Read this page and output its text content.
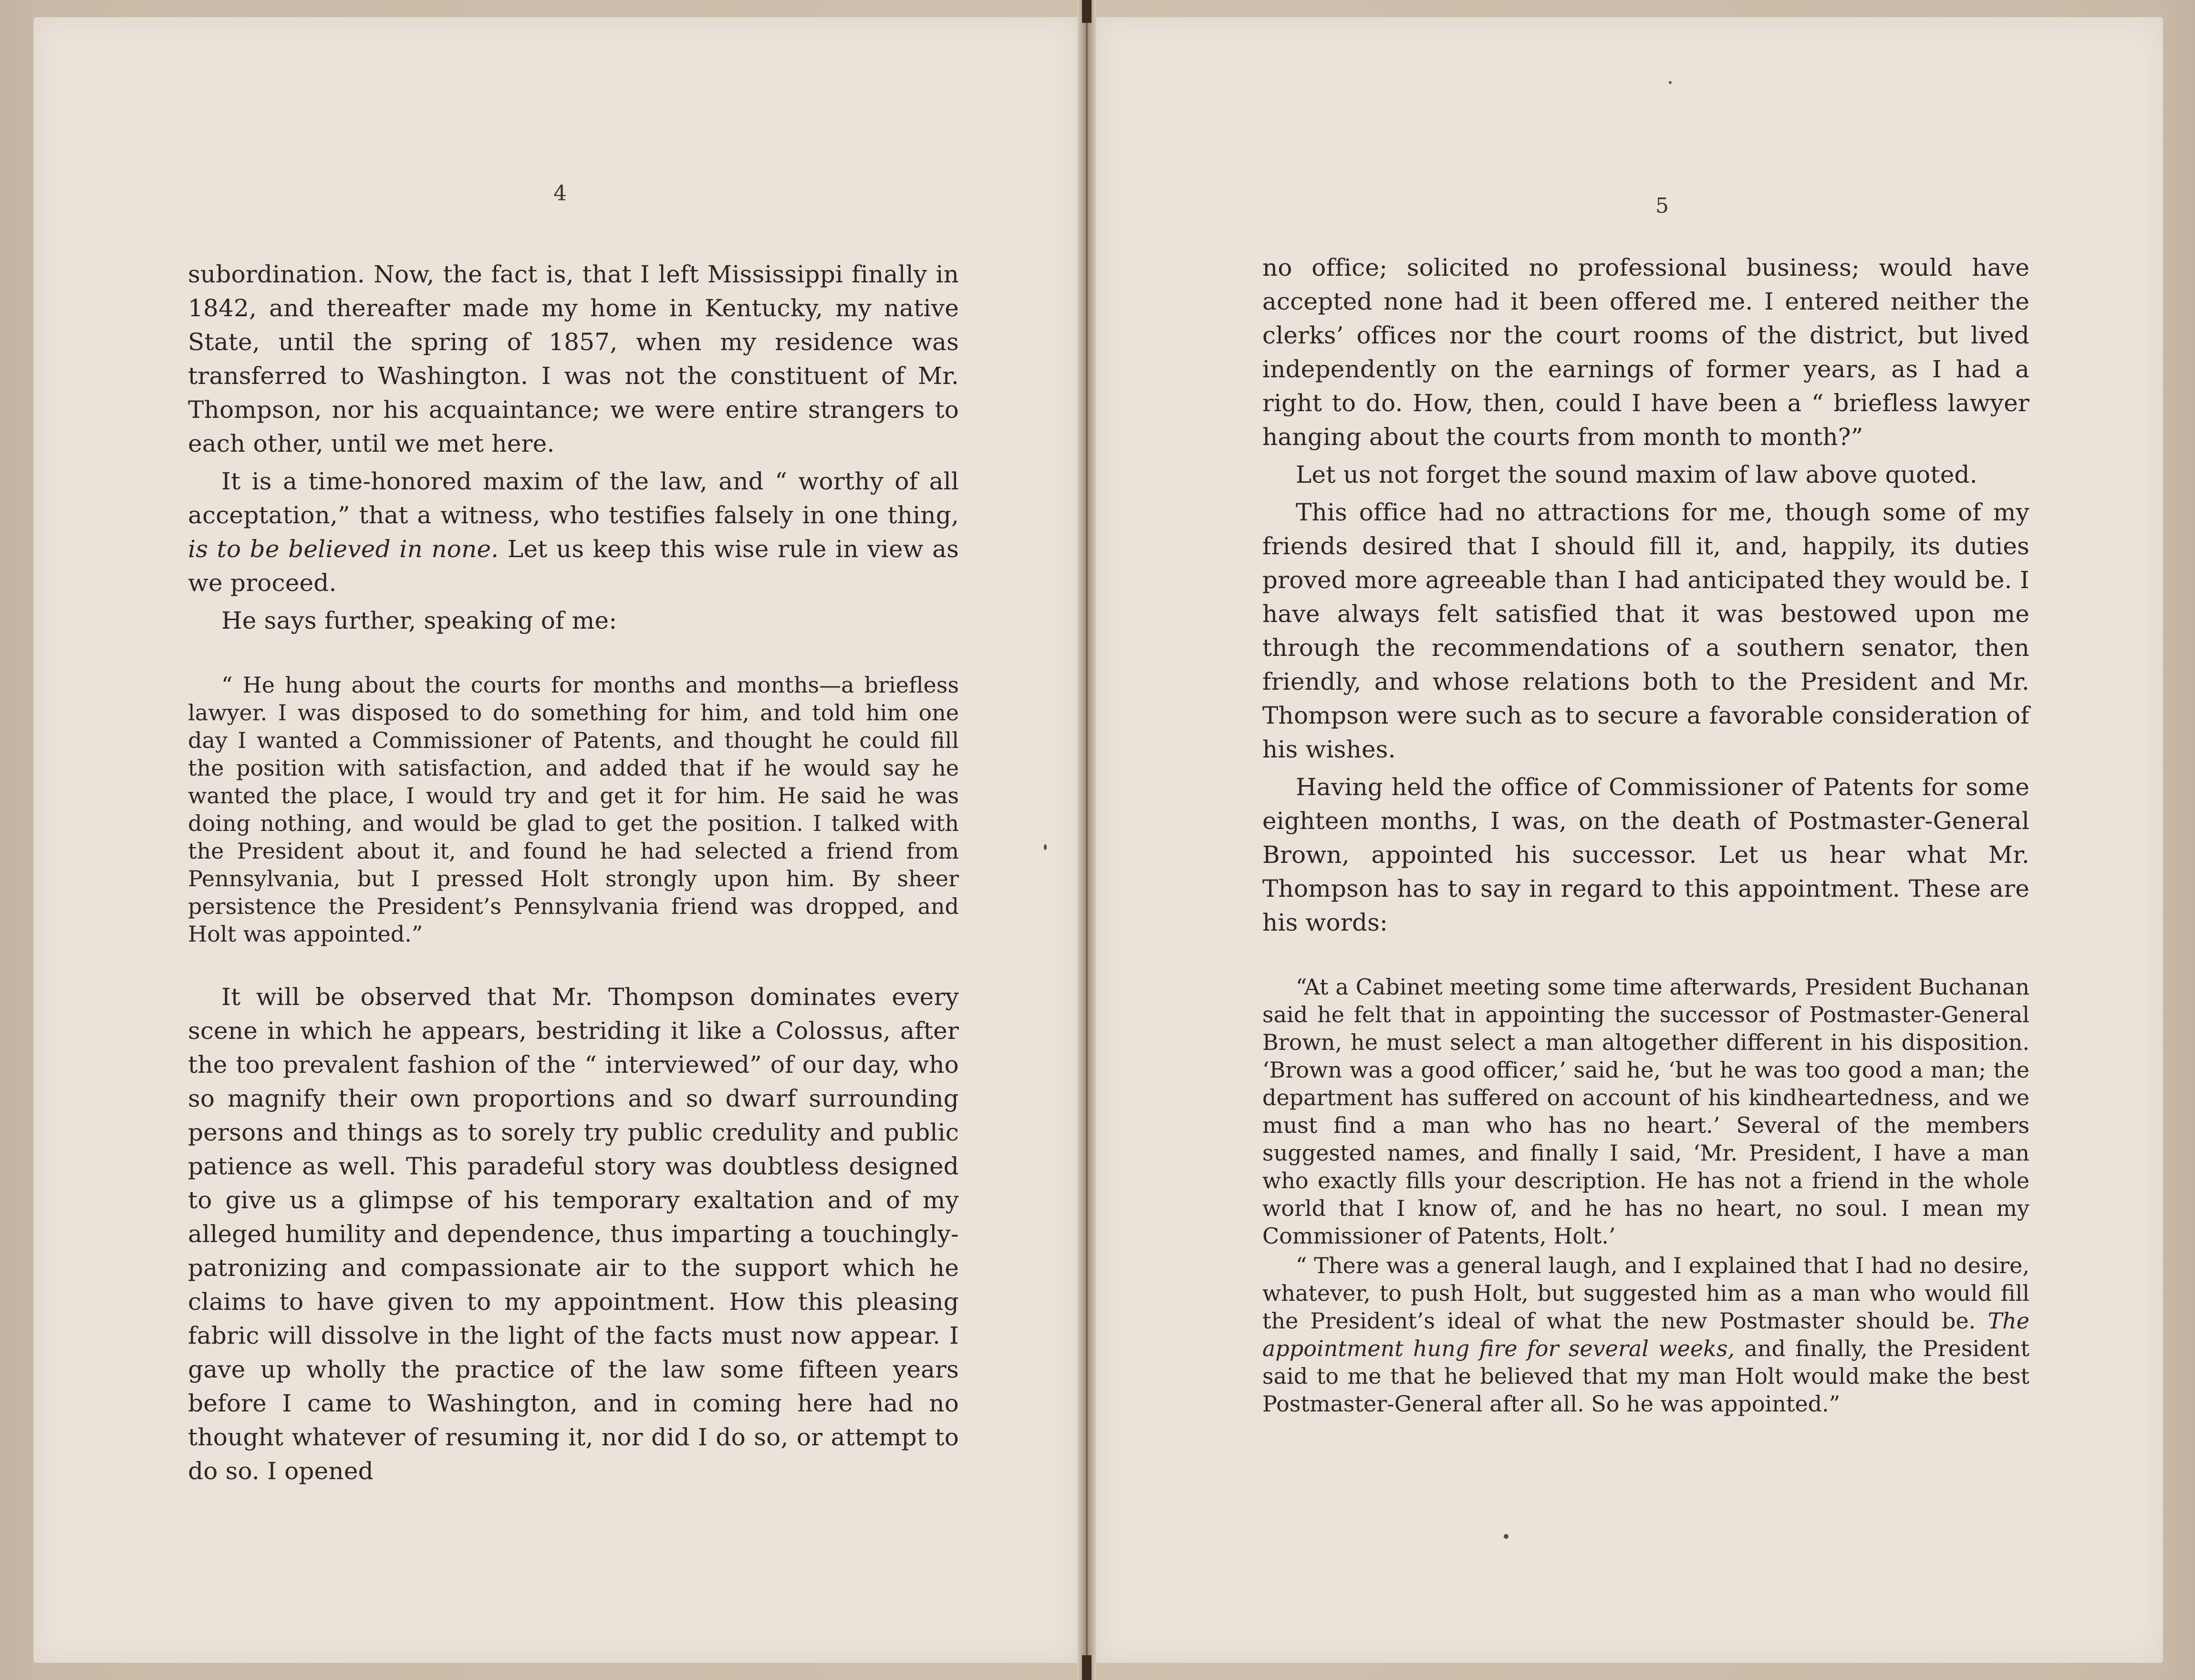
4

subordination. Now, the fact is, that I left Mississippi finally in 1842, and thereafter made my home in Kentucky, my native State, until the spring of 1857, when my residence was transferred to Washington. I was not the constituent of Mr. Thompson, nor his acquaintance; we were entire strangers to each other, until we met here.

It is a time-honored maxim of the law, and “ worthy of all acceptation,” that a witness, who testifies falsely in one thing, is to be believed in none. Let us keep this wise rule in view as we proceed.

He says further, speaking of me:

“ He hung about the courts for months and months—a briefless lawyer. I was disposed to do something for him, and told him one day I wanted a Commissioner of Patents, and thought he could fill the position with satisfaction, and added that if he would say he wanted the place, I would try and get it for him. He said he was doing nothing, and would be glad to get the position. I talked with the President about it, and found he had selected a friend from Pennsylvania, but I pressed Holt strongly upon him. By sheer persistence the President’s Pennsylvania friend was dropped, and Holt was appointed.”

It will be observed that Mr. Thompson dominates every scene in which he appears, bestriding it like a Colossus, after the too prevalent fashion of the “ interviewed” of our day, who so magnify their own proportions and so dwarf surrounding persons and things as to sorely try public credulity and public patience as well. This paradeful story was doubtless designed to give us a glimpse of his temporary exaltation and of my alleged humility and dependence, thus imparting a touchingly-patronizing and compassionate air to the support which he claims to have given to my appointment. How this pleasing fabric will dissolve in the light of the facts must now appear. I gave up wholly the practice of the law some fifteen years before I came to Washington, and in coming here had no thought whatever of resuming it, nor did I do so, or attempt to do so. I opened

5

no office; solicited no professional business; would have accepted none had it been offered me. I entered neither the clerks’ offices nor the court rooms of the district, but lived independently on the earnings of former years, as I had a right to do. How, then, could I have been a “ briefless lawyer hanging about the courts from month to month?”

Let us not forget the sound maxim of law above quoted.

This office had no attractions for me, though some of my friends desired that I should fill it, and, happily, its duties proved more agreeable than I had anticipated they would be. I have always felt satisfied that it was bestowed upon me through the recommendations of a southern senator, then friendly, and whose relations both to the President and Mr. Thompson were such as to secure a favorable consideration of his wishes.

Having held the office of Commissioner of Patents for some eighteen months, I was, on the death of Postmaster-General Brown, appointed his successor. Let us hear what Mr. Thompson has to say in regard to this appointment. These are his words:

“At a Cabinet meeting some time afterwards, President Buchanan said he felt that in appointing the successor of Postmaster-General Brown, he must select a man altogether different in his disposition. ‘Brown was a good officer,’ said he, ‘but he was too good a man; the department has suffered on account of his kindheartedness, and we must find a man who has no heart.’ Several of the members suggested names, and finally I said, ‘Mr. President, I have a man who exactly fills your description. He has not a friend in the whole world that I know of, and he has no heart, no soul. I mean my Commissioner of Patents, Holt.’

“ There was a general laugh, and I explained that I had no desire, whatever, to push Holt, but suggested him as a man who would fill the President’s ideal of what the new Postmaster should be. The appointment hung fire for several weeks, and finally, the President said to me that he believed that my man Holt would make the best Postmaster-General after all. So he was appointed.”
